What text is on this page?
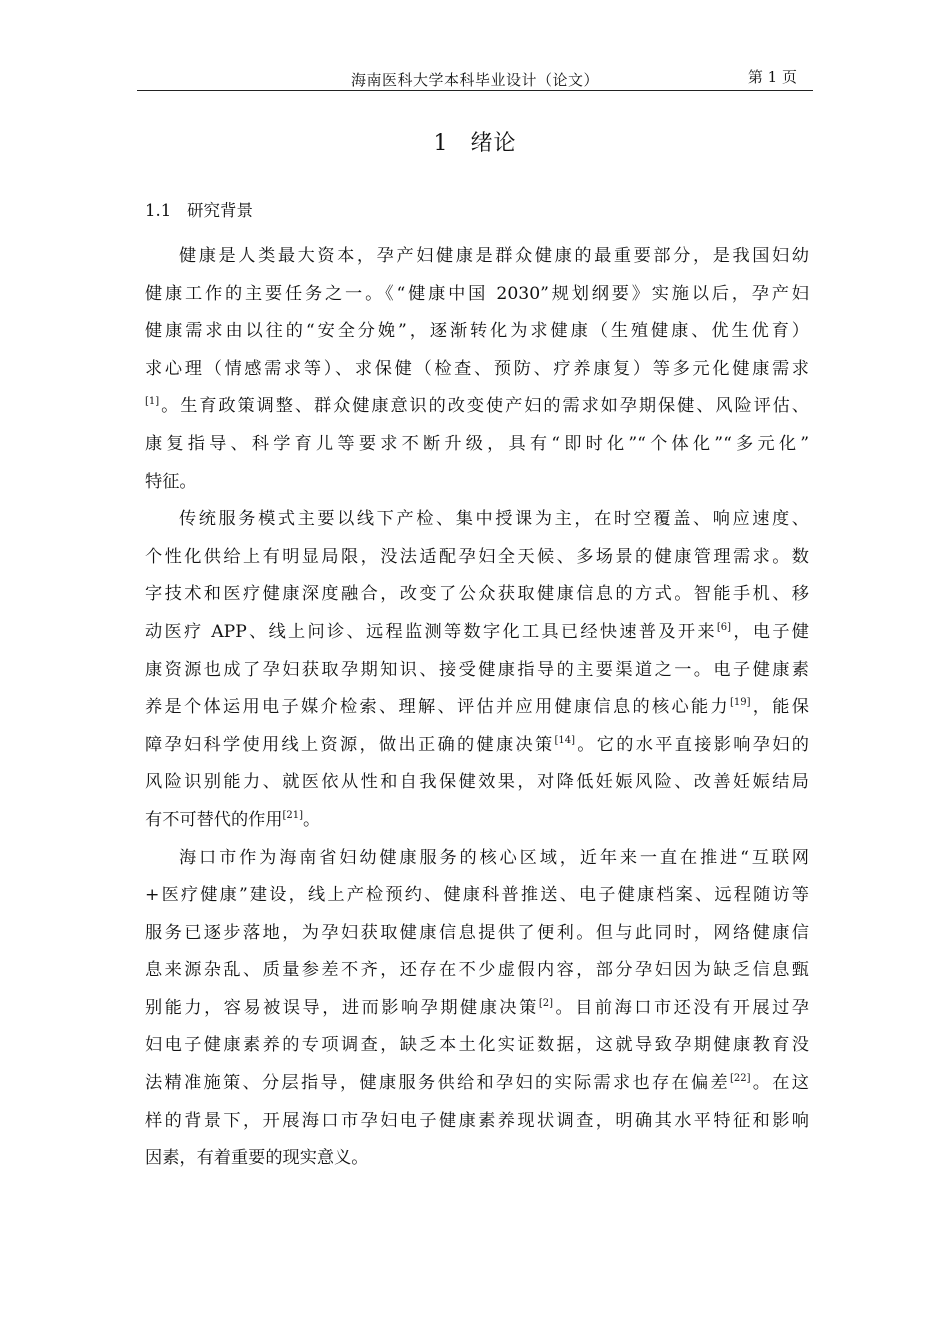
海南医科大学本科毕业设计（论文）	第 1 页
1 绪论
1.1 研究背景
健康是人类最大资本，孕产妇健康是群众健康的最重要部分，是我国妇幼
健康工作的主要任务之一。《“健康中国 2030”规划纲要》实施以后，孕产妇
健康需求由以往的“安全分娩”，逐渐转化为求健康（生殖健康、优生优育）
求心理（情感需求等）、求保健（检查、预防、疗养康复）等多元化健康需求
[1]。生育政策调整、群众健康意识的改变使产妇的需求如孕期保健、风险评估、
康复指导、科学育儿等要求不断升级，具有“即时化”“个体化”“多元化”
特征。
传统服务模式主要以线下产检、集中授课为主，在时空覆盖、响应速度、
个性化供给上有明显局限，没法适配孕妇全天候、多场景的健康管理需求。数
字技术和医疗健康深度融合，改变了公众获取健康信息的方式。智能手机、移
动医疗 APP、线上问诊、远程监测等数字化工具已经快速普及开来[6]，电子健
康资源也成了孕妇获取孕期知识、接受健康指导的主要渠道之一。电子健康素
养是个体运用电子媒介检索、理解、评估并应用健康信息的核心能力[19]，能保
障孕妇科学使用线上资源，做出正确的健康决策[14]。它的水平直接影响孕妇的
风险识别能力、就医依从性和自我保健效果，对降低妊娠风险、改善妊娠结局
有不可替代的作用[21]。
海口市作为海南省妇幼健康服务的核心区域，近年来一直在推进“互联网
+医疗健康”建设，线上产检预约、健康科普推送、电子健康档案、远程随访等
服务已逐步落地，为孕妇获取健康信息提供了便利。但与此同时，网络健康信
息来源杂乱、质量参差不齐，还存在不少虚假内容，部分孕妇因为缺乏信息甄
别能力，容易被误导，进而影响孕期健康决策[2]。目前海口市还没有开展过孕
妇电子健康素养的专项调查，缺乏本土化实证数据，这就导致孕期健康教育没
法精准施策、分层指导，健康服务供给和孕妇的实际需求也存在偏差[22]。在这
样的背景下，开展海口市孕妇电子健康素养现状调查，明确其水平特征和影响
因素，有着重要的现实意义。
